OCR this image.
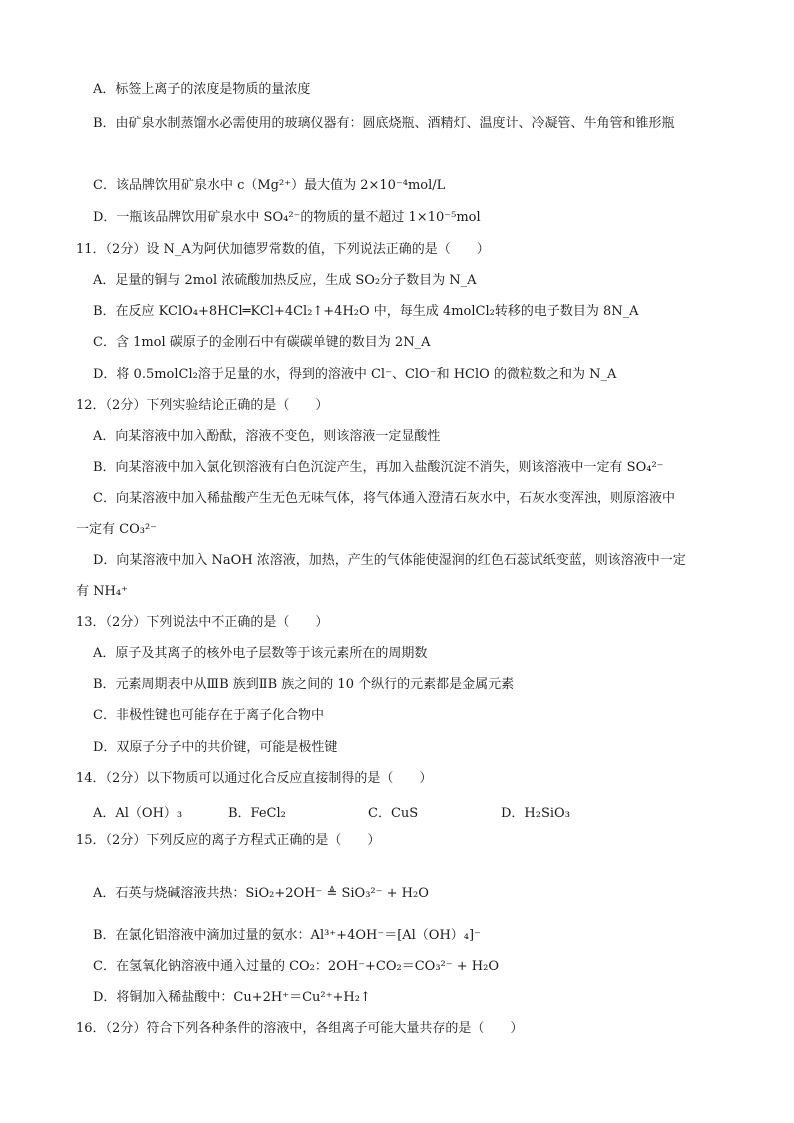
A．标签上离子的浓度是物质的量浓度
B．由矿泉水制蒸馏水必需使用的玻璃仪器有：圆底烧瓶、酒精灯、温度计、冷凝管、牛角管和锥形瓶
C．该品牌饮用矿泉水中 c（Mg²⁺）最大值为 2×10⁻⁴mol/L
D．一瓶该品牌饮用矿泉水中 SO₄²⁻的物质的量不超过 1×10⁻⁵mol
11．（2分）设 N_A为阿伏加德罗常数的值，下列说法正确的是（　　）
A．足量的铜与 2mol 浓硫酸加热反应，生成 SO₂分子数目为 N_A
B．在反应 KClO₄+8HCl═KCl+4Cl₂↑+4H₂O 中，每生成 4molCl₂转移的电子数目为 8N_A
C．含 1mol 碳原子的金刚石中有碳碳单键的数目为 2N_A
D．将 0.5molCl₂溶于足量的水，得到的溶液中 Cl⁻、ClO⁻和 HClO 的微粒数之和为 N_A
12．（2分）下列实验结论正确的是（　　）
A．向某溶液中加入酚酞，溶液不变色，则该溶液一定显酸性
B．向某溶液中加入氯化钡溶液有白色沉淀产生，再加入盐酸沉淀不消失，则该溶液中一定有 SO₄²⁻
C．向某溶液中加入稀盐酸产生无色无味气体，将气体通入澄清石灰水中，石灰水变浑浊，则原溶液中
一定有 CO₃²⁻
D．向某溶液中加入 NaOH 浓溶液，加热，产生的气体能使湿润的红色石蕊试纸变蓝，则该溶液中一定
有 NH₄⁺
13．（2分）下列说法中不正确的是（　　）
A．原子及其离子的核外电子层数等于该元素所在的周期数
B．元素周期表中从ⅢB 族到ⅡB 族之间的 10 个纵行的元素都是金属元素
C．非极性键也可能存在于离子化合物中
D．双原子分子中的共价键，可能是极性键
14．（2分）以下物质可以通过化合反应直接制得的是（　　）
A．Al（OH）₃	B．FeCl₂	C．CuS	D．H₂SiO₃
15．（2分）下列反应的离子方程式正确的是（　　）
A．石英与烧碱溶液共热：SiO₂+2OH⁻ ≜ SiO₃²⁻ + H₂O
B．在氯化铝溶液中滴加过量的氨水：Al³⁺+4OH⁻＝[Al（OH）₄]⁻
C．在氢氧化钠溶液中通入过量的 CO₂：2OH⁻+CO₂＝CO₃²⁻ + H₂O
D．将铜加入稀盐酸中：Cu+2H⁺＝Cu²⁺+H₂↑
16．（2分）符合下列各种条件的溶液中，各组离子可能大量共存的是（　　）
